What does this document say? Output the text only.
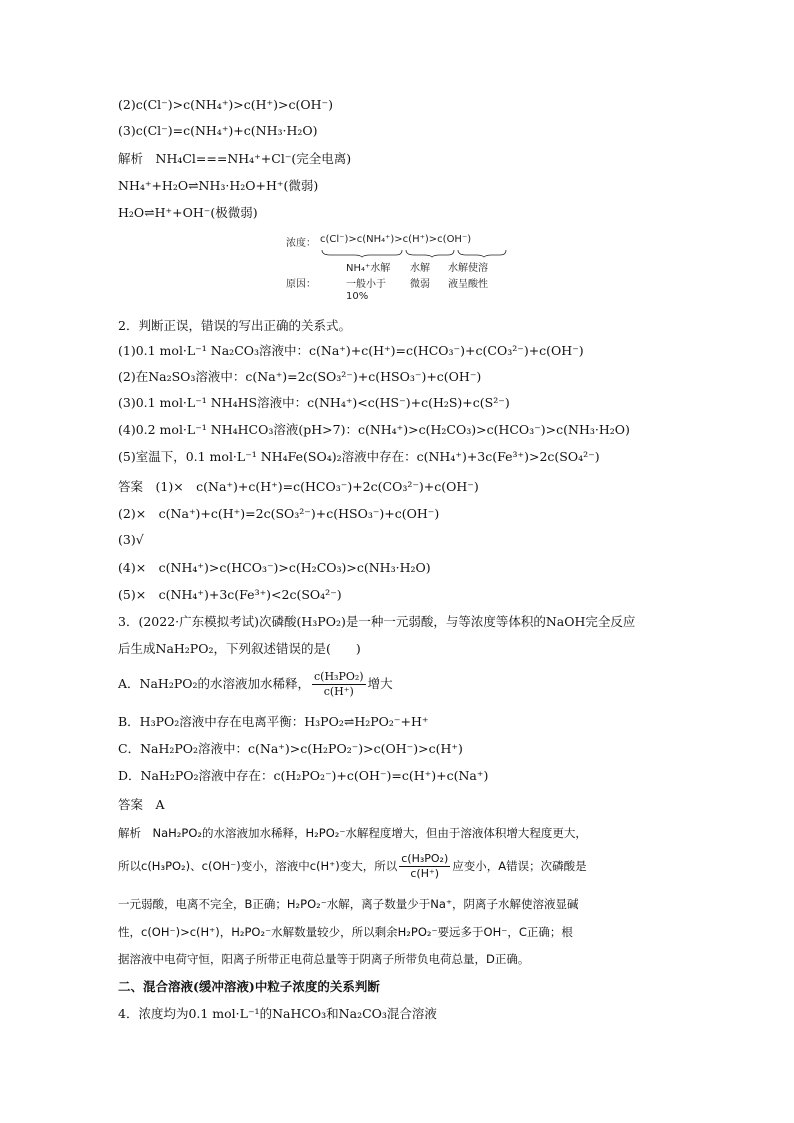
(2)c(Cl⁻)>c(NH₄⁺)>c(H⁺)>c(OH⁻)
(3)c(Cl⁻)=c(NH₄⁺)+c(NH₃·H₂O)
解析　NH₄Cl===NH₄⁺+Cl⁻(完全电离)
NH₄⁺+H₂O⇌NH₃·H₂O+H⁺(微弱)
H₂O⇌H⁺+OH⁻(极微弱)
浓度： c(Cl⁻)>c(NH₄⁺)>c(H⁺)>c(OH⁻)
NH₄⁺水解
原因：	一般小于
10%
水解
微弱
水解使溶
液呈酸性
2．判断正误，错误的写出正确的关系式。
(1)0.1 mol·L⁻¹ Na₂CO₃溶液中：c(Na⁺)+c(H⁺)=c(HCO₃⁻)+c(CO₃²⁻)+c(OH⁻)
(2)在Na₂SO₃溶液中：c(Na⁺)=2c(SO₃²⁻)+c(HSO₃⁻)+c(OH⁻)
(3)0.1 mol·L⁻¹ NH₄HS溶液中：c(NH₄⁺)<c(HS⁻)+c(H₂S)+c(S²⁻)
(4)0.2 mol·L⁻¹ NH₄HCO₃溶液(pH>7)：c(NH₄⁺)>c(H₂CO₃)>c(HCO₃⁻)>c(NH₃·H₂O)
(5)室温下，0.1 mol·L⁻¹ NH₄Fe(SO₄)₂溶液中存在：c(NH₄⁺)+3c(Fe³⁺)>2c(SO₄²⁻)
答案　(1)×　c(Na⁺)+c(H⁺)=c(HCO₃⁻)+2c(CO₃²⁻)+c(OH⁻)
(2)×　c(Na⁺)+c(H⁺)=2c(SO₃²⁻)+c(HSO₃⁻)+c(OH⁻)
(3)√
(4)×　c(NH₄⁺)>c(HCO₃⁻)>c(H₂CO₃)>c(NH₃·H₂O)
(5)×　c(NH₄⁺)+3c(Fe³⁺)<2c(SO₄²⁻)
3．(2022·广东模拟考试)次磷酸(H₃PO₂)是一种一元弱酸，与等浓度等体积的NaOH完全反应
后生成NaH₂PO₂，下列叙述错误的是(　　)
A．NaH₂PO₂的水溶液加水稀释， $\frac{\text{c(H₃PO₂)}}{c(H^+)}$ 增大
B．H₃PO₂溶液中存在电离平衡：H₃PO₂⇌H₂PO₂⁻+H⁺
C．NaH₂PO₂溶液中：c(Na⁺)>c(H₂PO₂⁻)>c(OH⁻)>c(H⁺)
D．NaH₂PO₂溶液中存在：c(H₂PO₂⁻)+c(OH⁻)=c(H⁺)+c(Na⁺)
答案　A
解析　NaH₂PO₂的水溶液加水稀释，H₂PO₂⁻水解程度增大，但由于溶液体积增大程度更大，
所以c(H₃PO₂)、c(OH⁻)变小，溶液中c(H⁺)变大，所以 $\frac{\text{c(H₃PO₂)}}{c(H^+)}$ 应变小，A错误；次磷酸是
一元弱酸，电离不完全，B正确；H₂PO₂⁻水解，离子数量少于Na⁺，阴离子水解使溶液显碱
性，c(OH⁻)>c(H⁺)，H₂PO₂⁻水解数量较少，所以剩余H₂PO₂⁻要远多于OH⁻，C正确；根
据溶液中电荷守恒，阳离子所带正电荷总量等于阴离子所带负电荷总量，D正确。
二、混合溶液(缓冲溶液)中粒子浓度的关系判断
4．浓度均为0.1 mol·L⁻¹的NaHCO₃和Na₂CO₃混合溶液
